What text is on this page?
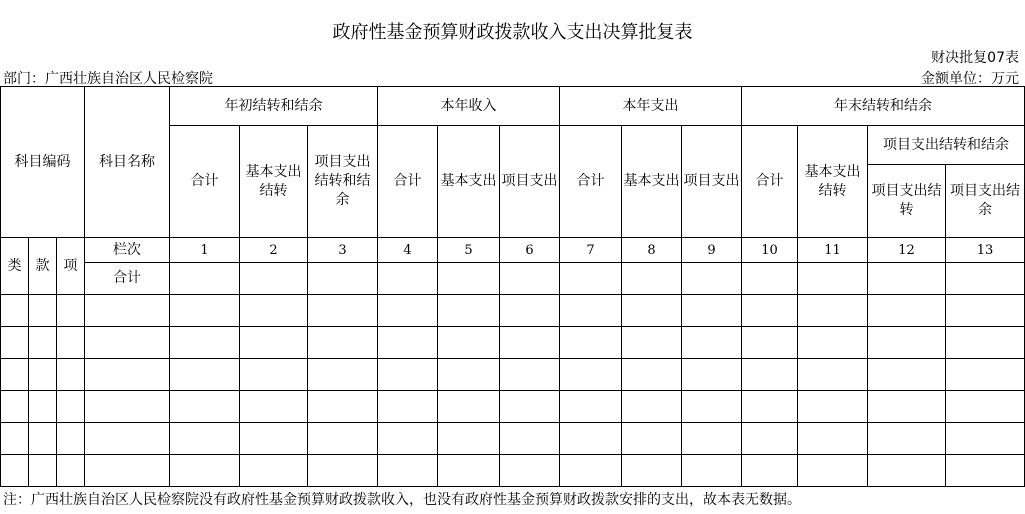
政府性基金预算财政拨款收入支出决算批复表
财决批复07表
部门：广西壮族自治区人民检察院	金额单位：万元
科目编码			科目名称	年初结转和结余			本年收入			本年支出			年末结转和结余			
				合计	基本支出结转	项目支出结转和结余	合计	基本支出	项目支出	合计	基本支出	项目支出	合计	基本支出结转	项目支出结转和结余	
															项目支出结转	项目支出结余
类	款	项	栏次	1	2	3	4	5	6	7	8	9	10	11	12	13
			合计													

注：广西壮族自治区人民检察院没有政府性基金预算财政拨款收入，也没有政府性基金预算财政拨款安排的支出，故本表无数据。
